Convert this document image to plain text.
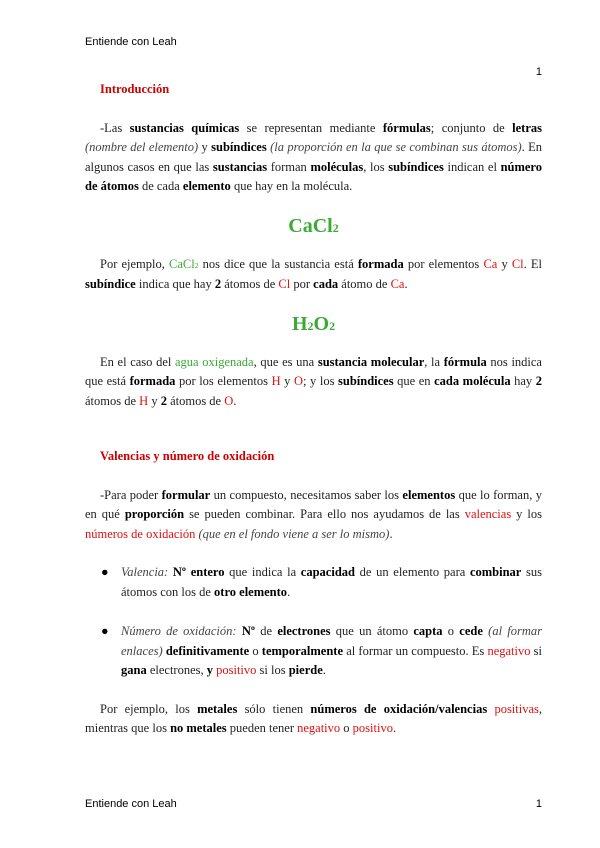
Entiende con Leah
1

Introducción

-Las sustancias químicas se representan mediante fórmulas; conjunto de letras (nombre del elemento) y subíndices (la proporción en la que se combinan sus átomos). En algunos casos en que las sustancias forman moléculas, los subíndices indican el número de átomos de cada elemento que hay en la molécula.

CaCl2

Por ejemplo, CaCl2 nos dice que la sustancia está formada por elementos Ca y Cl. El subíndice indica que hay 2 átomos de Cl por cada átomo de Ca.

H2O2

En el caso del agua oxigenada, que es una sustancia molecular, la fórmula nos indica que está formada por los elementos H y O; y los subíndices que en cada molécula hay 2 átomos de H y 2 átomos de O.

Valencias y número de oxidación

-Para poder formular un compuesto, necesitamos saber los elementos que lo forman, y en qué proporción se pueden combinar. Para ello nos ayudamos de las valencias y los números de oxidación (que en el fondo viene a ser lo mismo).

● Valencia: Nº entero que indica la capacidad de un elemento para combinar sus átomos con los de otro elemento.
● Número de oxidación: Nº de electrones que un átomo capta o cede (al formar enlaces) definitivamente o temporalmente al formar un compuesto. Es negativo si gana electrones, y positivo si los pierde.

Por ejemplo, los metales sólo tienen números de oxidación/valencias positivas, mientras que los no metales pueden tener negativo o positivo.

Entiende con Leah	1
